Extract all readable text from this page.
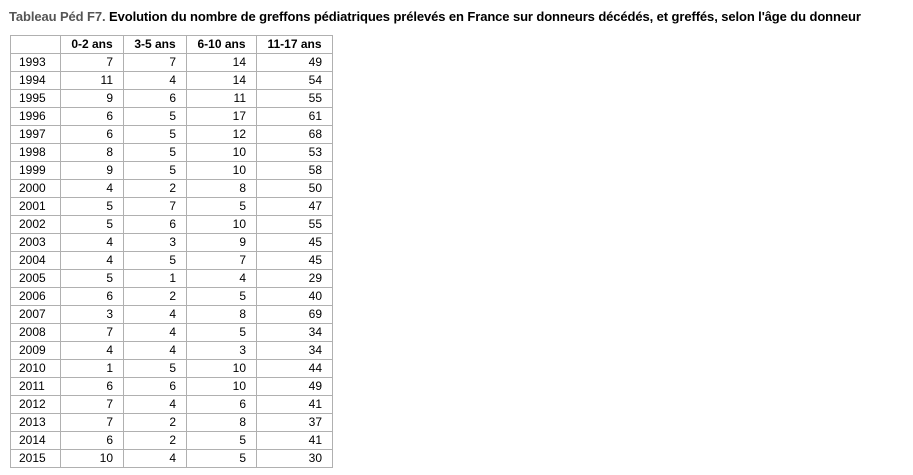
Tableau Péd F7. Evolution du nombre de greffons pédiatriques prélevés en France sur donneurs décédés, et greffés, selon l'âge du donneur
	0-2 ans	3-5 ans	6-10 ans	11-17 ans
1993	7	7	14	49
1994	11	4	14	54
1995	9	6	11	55
1996	6	5	17	61
1997	6	5	12	68
1998	8	5	10	53
1999	9	5	10	58
2000	4	2	8	50
2001	5	7	5	47
2002	5	6	10	55
2003	4	3	9	45
2004	4	5	7	45
2005	5	1	4	29
2006	6	2	5	40
2007	3	4	8	69
2008	7	4	5	34
2009	4	4	3	34
2010	1	5	10	44
2011	6	6	10	49
2012	7	4	6	41
2013	7	2	8	37
2014	6	2	5	41
2015	10	4	5	30
